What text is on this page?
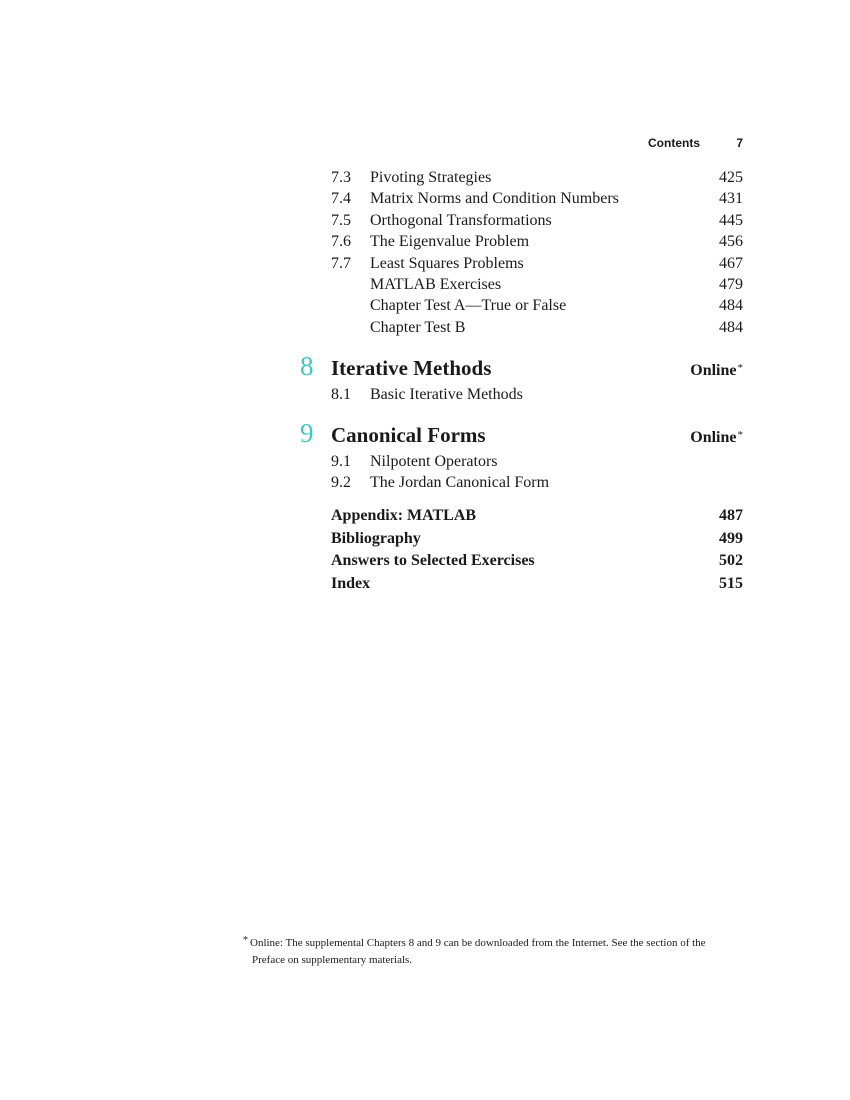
Contents	7
7.3 Pivoting Strategies	425
7.4 Matrix Norms and Condition Numbers	431
7.5 Orthogonal Transformations	445
7.6 The Eigenvalue Problem	456
7.7 Least Squares Problems	467
MATLAB Exercises	479
Chapter Test A—True or False	484
Chapter Test B	484
8 Iterative Methods	Online*
8.1 Basic Iterative Methods
9 Canonical Forms	Online*
9.1 Nilpotent Operators
9.2 The Jordan Canonical Form
Appendix: MATLAB	487
Bibliography	499
Answers to Selected Exercises	502
Index	515
* Online: The supplemental Chapters 8 and 9 can be downloaded from the Internet. See the section of the
Preface on supplementary materials.
